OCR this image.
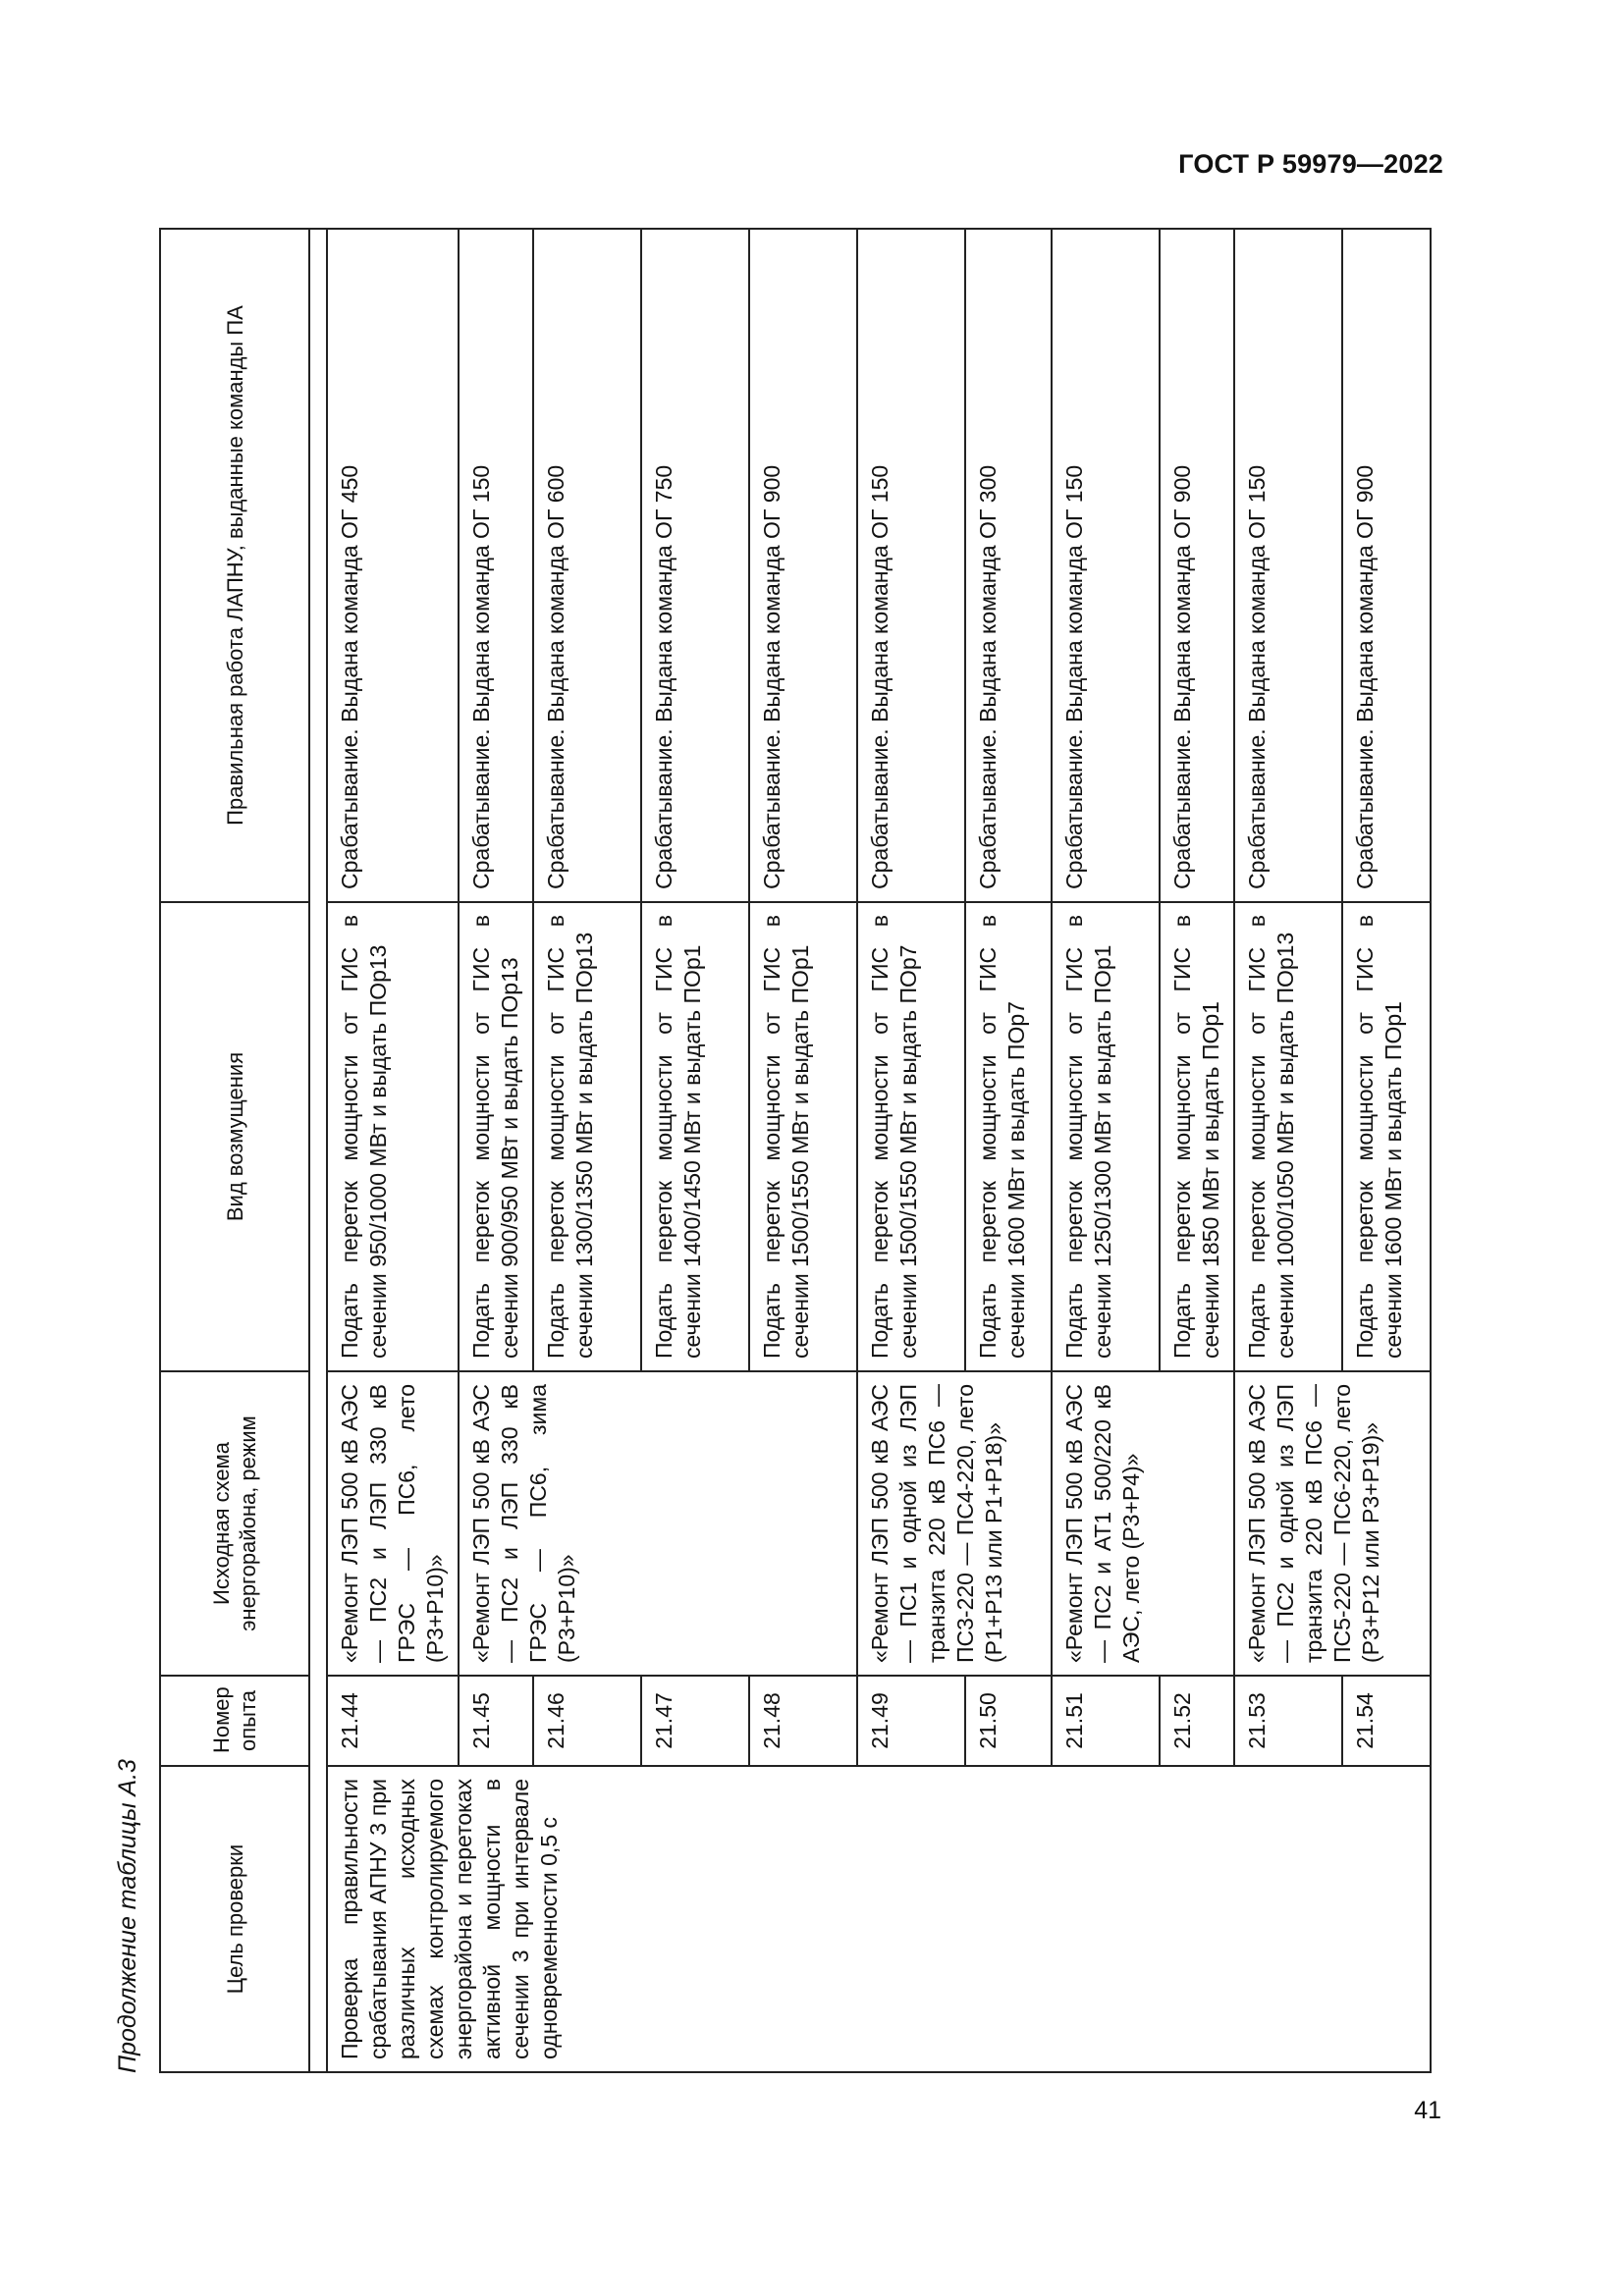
ГОСТ Р 59979—2022
Продолжение таблицы А.3	Цель проверки	Номер опыта	Исходная схема энергорайона, режим	Вид возмущения	Правильная работа ЛАПНУ, выданные команды ПА

Проверка правильности срабатывания АПНУ 3 при различных исходных схемах контролируемого энергорайона и перетоках активной мощности в сечении 3 при интервале одновременности 0,5 с	21.44	«Ремонт ЛЭП 500 кВ АЭС — ПС2 и ЛЭП 330 кВ ГРЭС — ПС6, лето (Р3+Р10)»	Подать переток мощности от ГИС в сечении 950/1000 МВт и выдать ПОр13	Срабатывание. Выдана команда ОГ 450
	21.45	«Ремонт ЛЭП 500 кВ АЭС — ПС2 и ЛЭП 330 кВ ГРЭС — ПС6, зима (Р3+Р10)»	Подать переток мощности от ГИС в сечении 900/950 МВт и выдать ПОр13	Срабатывание. Выдана команда ОГ 150
	21.46		Подать переток мощности от ГИС в сечении 1300/1350 МВт и выдать ПОр13	Срабатывание. Выдана команда ОГ 600
	21.47		Подать переток мощности от ГИС в сечении 1400/1450 МВт и выдать ПОр1	Срабатывание. Выдана команда ОГ 750
	21.48		Подать переток мощности от ГИС в сечении 1500/1550 МВт и выдать ПОр1	Срабатывание. Выдана команда ОГ 900
	21.49	«Ремонт ЛЭП 500 кВ АЭС — ПС1 и одной из ЛЭП транзита 220 кВ ПС6 — ПС3-220 — ПС4-220, лето (Р1+Р13 или Р1+Р18)»	Подать переток мощности от ГИС в сечении 1500/1550 МВт и выдать ПОр7	Срабатывание. Выдана команда ОГ 150
	21.50		Подать переток мощности от ГИС в сечении 1600 МВт и выдать ПОр7	Срабатывание. Выдана команда ОГ 300
	21.51	«Ремонт ЛЭП 500 кВ АЭС — ПС2 и АТ1 500/220 кВ АЭС, лето (Р3+Р4)»	Подать переток мощности от ГИС в сечении 1250/1300 МВт и выдать ПОр1	Срабатывание. Выдана команда ОГ 150
	21.52		Подать переток мощности от ГИС в сечении 1850 МВт и выдать ПОр1	Срабатывание. Выдана команда ОГ 900
	21.53	«Ремонт ЛЭП 500 кВ АЭС — ПС2 и одной из ЛЭП транзита 220 кВ ПС6 — ПС5-220 — ПС6-220, лето (Р3+Р12 или Р3+Р19)»	Подать переток мощности от ГИС в сечении 1000/1050 МВт и выдать ПОр13	Срабатывание. Выдана команда ОГ 150
	21.54		Подать переток мощности от ГИС в сечении 1600 МВт и выдать ПОр1	Срабатывание. Выдана команда ОГ 900
41
